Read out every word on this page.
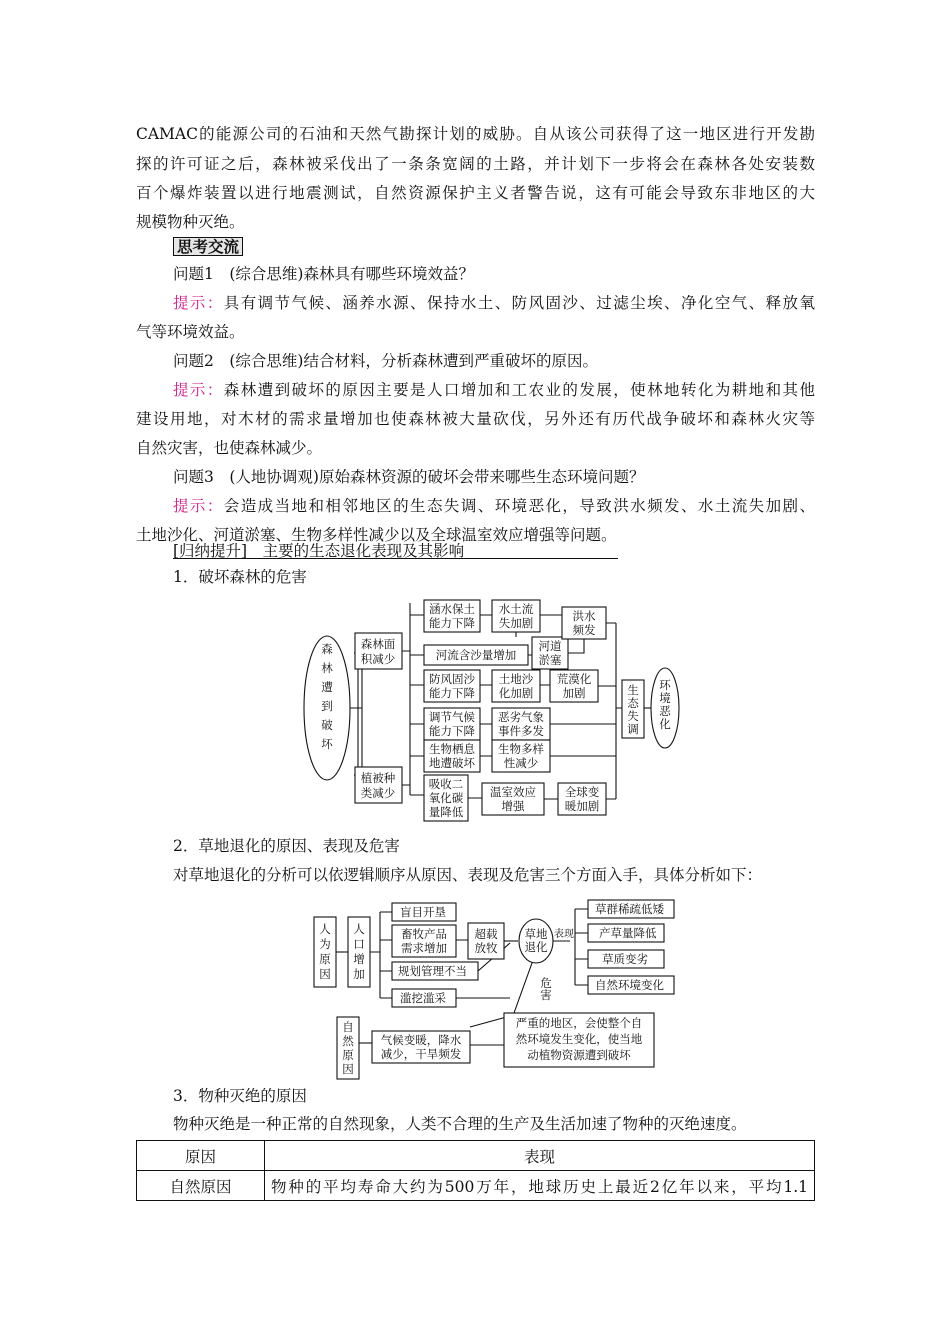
CAMAC的能源公司的石油和天然气勘探计划的威胁。自从该公司获得了这一地区进行开发勘
探的许可证之后，森林被采伐出了一条条宽阔的土路，并计划下一步将会在森林各处安装数
百个爆炸装置以进行地震测试，自然资源保护主义者警告说，这有可能会导致东非地区的大
规模物种灭绝。
思考交流
问题1　(综合思维)森林具有哪些环境效益？
提示：具有调节气候、涵养水源、保持水土、防风固沙、过滤尘埃、净化空气、释放氧
气等环境效益。
问题2　(综合思维)结合材料，分析森林遭到严重破坏的原因。
提示：森林遭到破坏的原因主要是人口增加和工农业的发展，使林地转化为耕地和其他
建设用地，对木材的需求量增加也使森林被大量砍伐，另外还有历代战争破坏和森林火灾等
自然灾害，也使森林减少。
问题3　(人地协调观)原始森林资源的破坏会带来哪些生态环境问题？
提示：会造成当地和相邻地区的生态失调、环境恶化，导致洪水频发、水土流失加剧、
土地沙化、河道淤塞、生物多样性减少以及全球温室效应增强等问题。
[归纳提升]　主要的生态退化表现及其影响
1．破坏森林的危害
森
林
遭
到
破
坏
森林面
积减少
植被种
类减少
涵水保土
能力下降
河流含沙量增加
防风固沙
能力下降
调节气候
能力下降
生物栖息
地遭破坏
吸收二
氧化碳
量降低
水土流
失加剧
河道
淤塞
土地沙
化加剧
恶劣气象
事件多发
生物多样
性减少
温室效应
增强
洪水
频发
荒漠化
加剧
全球变
暖加剧
生
态
失
调
环
境
恶
化
2．草地退化的原因、表现及危害
对草地退化的分析可以依逻辑顺序从原因、表现及危害三个方面入手，具体分析如下：
人
为
原
因
人
口
增
加
盲目开垦
畜牧产品
需求增加
规划管理不当
滥挖滥采
超载
放牧
草地
退化
表现
草群稀疏低矮
产草量降低
草质变劣
自然环境变化
危
害
自
然
原
因
气候变暖，降水
减少，干旱频发
严重的地区，会使整个自
然环境发生变化，使当地
动植物资源遭到破坏
3．物种灭绝的原因
物种灭绝是一种正常的自然现象，人类不合理的生产及生活加速了物种的灭绝速度。
原因	表现
自然原因	物种的平均寿命大约为500万年，地球历史上最近2亿年以来，平均1.1
